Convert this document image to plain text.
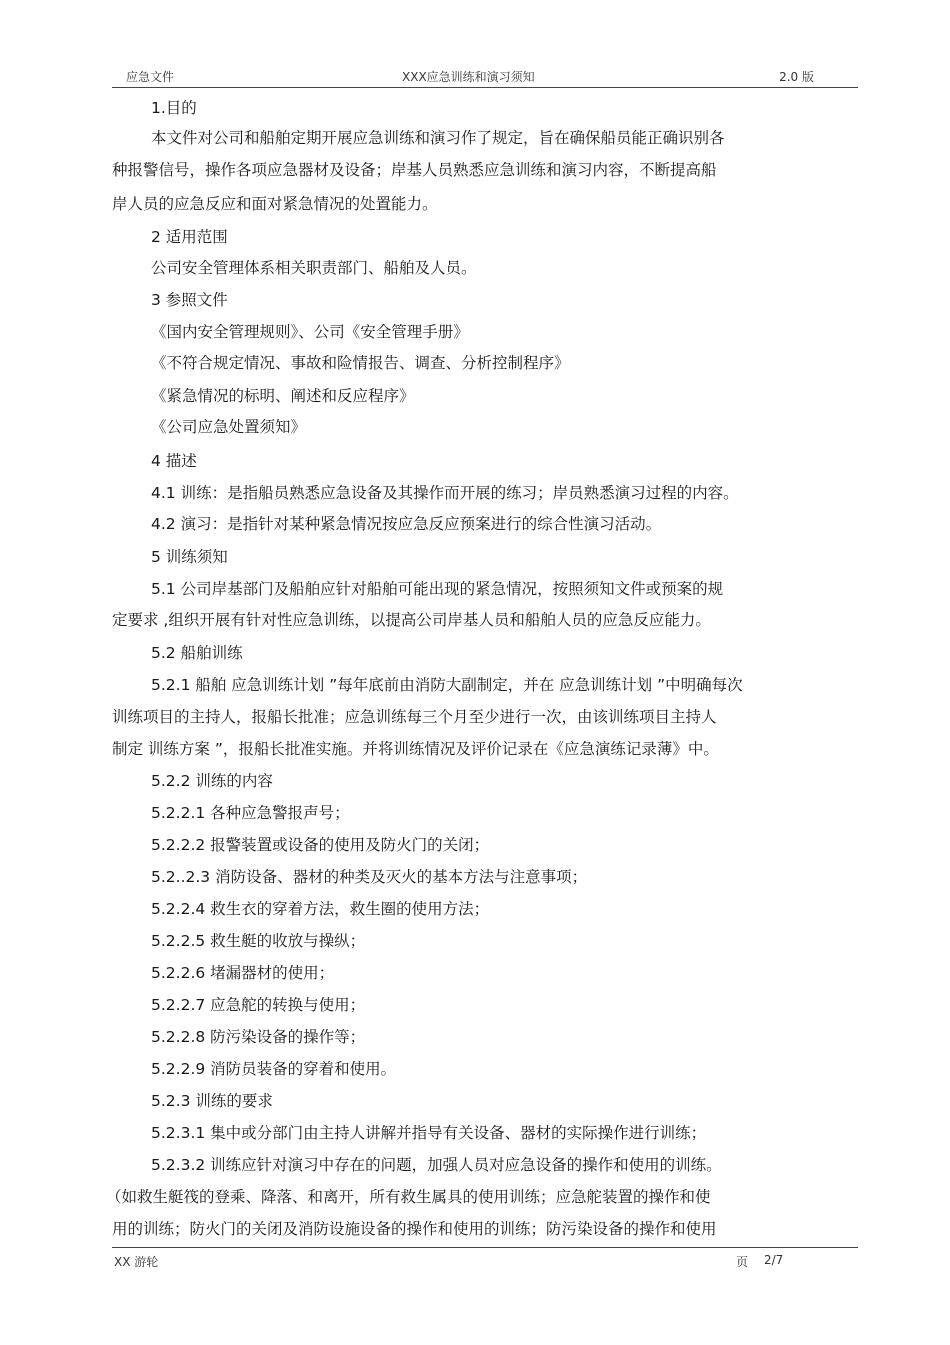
应急文件	XXX应急训练和演习须知	2.0 版
1.目的
本文件对公司和船舶定期开展应急训练和演习作了规定，旨在确保船员能正确识别各
种报警信号，操作各项应急器材及设备；岸基人员熟悉应急训练和演习内容，不断提高船
岸人员的应急反应和面对紧急情况的处置能力。
2 适用范围
公司安全管理体系相关职责部门、船舶及人员。
3 参照文件
《国内安全管理规则》、公司《安全管理手册》
《不符合规定情况、事故和险情报告、调查、分析控制程序》
《紧急情况的标明、阐述和反应程序》
《公司应急处置须知》
4 描述
4.1 训练：是指船员熟悉应急设备及其操作而开展的练习；岸员熟悉演习过程的内容。
4.2 演习：是指针对某种紧急情况按应急反应预案进行的综合性演习活动。
5 训练须知
5.1 公司岸基部门及船舶应针对船舶可能出现的紧急情况，按照须知文件或预案的规
定要求 ,组织开展有针对性应急训练，以提高公司岸基人员和船舶人员的应急反应能力。
5.2 船舶训练
5.2.1 船舶 应急训练计划 ”每年底前由消防大副制定，并在 应急训练计划 ”中明确每次
训练项目的主持人，报船长批准；应急训练每三个月至少进行一次，由该训练项目主持人
制定 训练方案 ”，报船长批准实施。并将训练情况及评价记录在《应急演练记录薄》中。
5.2.2 训练的内容
5.2.2.1 各种应急警报声号；
5.2.2.2 报警装置或设备的使用及防火门的关闭；
5.2..2.3 消防设备、器材的种类及灭火的基本方法与注意事项；
5.2.2.4 救生衣的穿着方法，救生圈的使用方法；
5.2.2.5 救生艇的收放与操纵；
5.2.2.6 堵漏器材的使用；
5.2.2.7 应急舵的转换与使用；
5.2.2.8 防污染设备的操作等；
5.2.2.9 消防员装备的穿着和使用。
5.2.3 训练的要求
5.2.3.1 集中或分部门由主持人讲解并指导有关设备、器材的实际操作进行训练；
5.2.3.2 训练应针对演习中存在的问题，加强人员对应急设备的操作和使用的训练。
（如救生艇筏的登乘、降落、和离开，所有救生属具的使用训练；应急舵装置的操作和使
用的训练；防火门的关闭及消防设施设备的操作和使用的训练；防污染设备的操作和使用
XX 游轮	页 2/7
